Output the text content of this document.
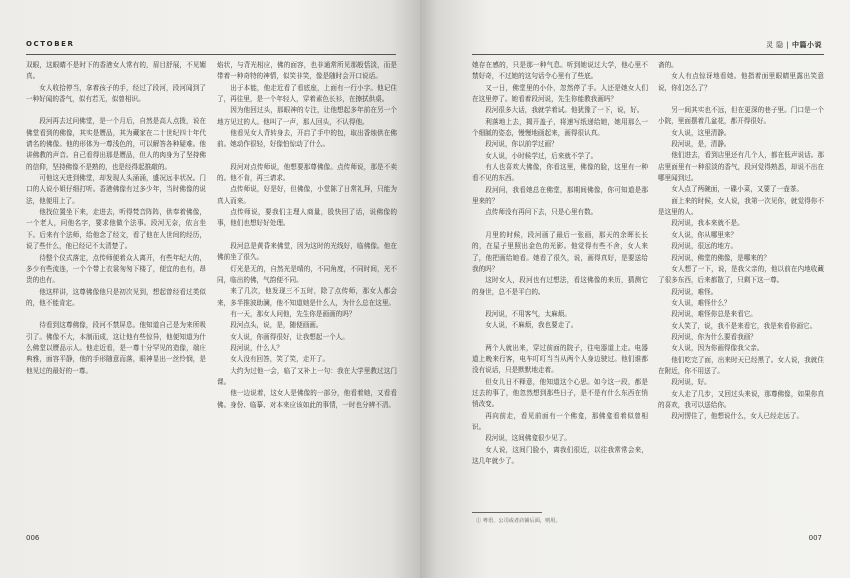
OCTOBER

双眼，这眼睛不是时下的香港女人常有的，眉目舒展，不见媚真。

女人收拾停当，拿着孩子的手，经过了段河，段河闻到了一种好闻的香气，似有若无，似曾相识。

段河再去过问佛堂，是一个月后，自然是高人点拨，说在佛堂看到的佛像，其实是赝品，其为藏家在二十世纪四十年代请名的佛像。他的形体为一尊浅色的，可以解答各种疑难。他讲佛教的声音。自己看得出那是赝品，但人的肉身为了坚持佛的信仰，坚持佛像不是熟的，也是经得起推敲的。

可他这天进到佛堂，却发现人头涌涌，盛况远非状况。门口的人说小姐仔细打听。香港佛像有过多少年，当时佛像的说法，他便用上了。

他找位置坐下来，走进去，听得梵音阵阵，供奉着佛像，一个老人，问他名字，要求他做个法事。段河无奈，依言坐下。后来有个法师，给他念了经文，看了他在人世间的经历，说了些什么，他已经记不太清楚了。

待整个仪式落定，点传师便着众人离开，有些年纪大的，多少有些流连，一个个带上衣裳匆匆下楼了，便宜的也有，昂贵的也有。

他这样讲，这尊佛像他只是初次见到，想起曾经看过类似的，他不能肯定。

待看到这尊佛像，段河不禁屏息。他知道自己是为来所吸引了。佛像不大，本制而成，这让他有些惊异，他便知道为什么佛堂以赝品示人。他走近看，是一尊十分罕见的造像，端庄典雅，面容平静，他的手形随意而落，眼神显出一丝怜悯，是他见过的最好的一尊。

焰状，与背光相应，佛的面容，也非通常所见那般恬淡，而是带着一种奇特的神情，似笑非笑，像是随时会开口说话。

出于本能，他走近看了看底座，上面有一行小字。他记住了，再往里，是一个年轻人，穿着素色长衫，在擦拭供桌。

因为他回过头，那眼神的专注，让他想起多年前在另一个地方见过的人。他叫了一声，那人回头，不认得他。

他看见女人背转身去，开启了手中的包，取出香烛供在佛前。她动作很轻，好像怕惊动了什么。

段河对点传师说，他想要那尊佛像。点传师说，那是不卖的。他不肯，再三请求。

点传师说，好是好，但佛像，小堂陈了日常礼拜，只能为真人而来。

点传师说，要我们主理人商量，股快回了话，说佛像的事，他们也想好好处理。

段河总是黄昏来佛堂，因为这时的光线好，临佛像。他在佛前坐了很久。

灯光是无的，自然光是晴的，不同角度，不同时间，光不同，临出的佛，气韵便不同。

来了几次，他发现三不五时，除了点传师，那女人都会来，多半推波助澜，他不知道她是什么人，为什么总在这里。

有一天，那女人问他，先生你是画画的吗？

段河点头，说，是，随便画画。

女人说，你画得很好，让我想起一个人。

段河说，什么人？

女人没有回答，笑了笑，走开了。

大约为过他一会，临了又补上一句：我在大学里教过这门课。

他一边说着，这女人是佛像的一部分，他看着她，又看看佛。身份、临摹、对本来应该如此的事情，一时也分辨不清。

006
灵 隐 | 中篇小说

她存在感的，只是那一种气息。听到她说过大学，他心里不禁好奇，不过她的这句话令心里有了些底。

又一日，佛堂里的小仆，忽然停了手。人还是她女人们在这里停了。她看着段河说，先生你能教我画吗？

段河很多大话，我就学着试。他犹豫了一下，说，好。

利落地上去，揭开盖子，将速写纸递给她，她用那么一个细腻的姿态，慢慢地画起来，画得很认真。

段河说，你以前学过画？

女人说，小时候学过，后来就不学了。

有人也喜欢大佛像，你看这里，佛像的脸，这里有一种看不见的东西。

段河问，我看她总在佛堂，那期间佛像，你可知道是那里来的？

点传师没有再问下去，只是心里有数。

月里的时候，段河画了最后一张画，那天的余晖长长的，在屋子里照出金色的光影。他觉得有些不舍，女人来了，他把画给她看。她看了很久，说，画得真好，是要送给我的吗？

这时女人，段河也有过想法，看这佛像的来历，猜测它的身世，总不是平白的。

段河说，不用客气，太麻烦。

女人说，不麻烦，我也要走了。

两个人就出来，穿过前面的院子，往电器道上走。电器道上晚来行客，电车叮叮当当从两个人身边驶过。他们谁都没有说话，只是默默地走着。

但女儿日不释意，他知道这个心思。如今这一段，都是过去的事了，他忽然想到那些日子，是不是有什么东西在悄悄改变。

再向前走，看见前面有一个佛龛，那佛龛看着似曾相识。

段河说，这间佛龛很少见了。

女人说，这间门脸小，离我们很近，以往我常常会来，这几年就少了。

斋的。

女人有点惊讶地看她。他指着面里眼睛里露出笑意说，你们怎么了？

另一间其实也不远，但在更深的巷子里。门口是一个小院，里面摆着几盆花，都开得很好。

女人说，这里清静。

段河说，是，清静。

他们进去，看到店里还有几个人，都在低声说话。那店里面里有一种很淡的香气，段河觉得熟悉，却说不出在哪里闻到过。

女人点了两碗面，一碟小菜，又要了一壶茶。

面上来的时候，女人说，我第一次见你，就觉得你不是这里的人。

段河说，我本来就不是。

女人说，你从哪里来？

段河说，很远的地方。

段河说，佛堂的佛像，是哪来的？

女人想了一下，说，是我父亲的，他以前在内地收藏了很多东西，后来都散了，只剩下这一尊。

段河说，难怪。

女人说，难怪什么？

段河说，难怪你总是来看它。

女人笑了，说，我不是来看它，我是来看你画它。

段河说，你为什么要看我画？

女人说，因为你画得像我父亲。

他们吃完了面，出来时天已经黑了。女人说，我就住在附近，你不用送了。

段河说，好。

女人走了几步，又回过头来说，那尊佛像，如果你真的喜欢，我可以送给你。

段河愣住了，他想说什么，女人已经走远了。

007
① 粤语，公司或者店铺后面，则用。
